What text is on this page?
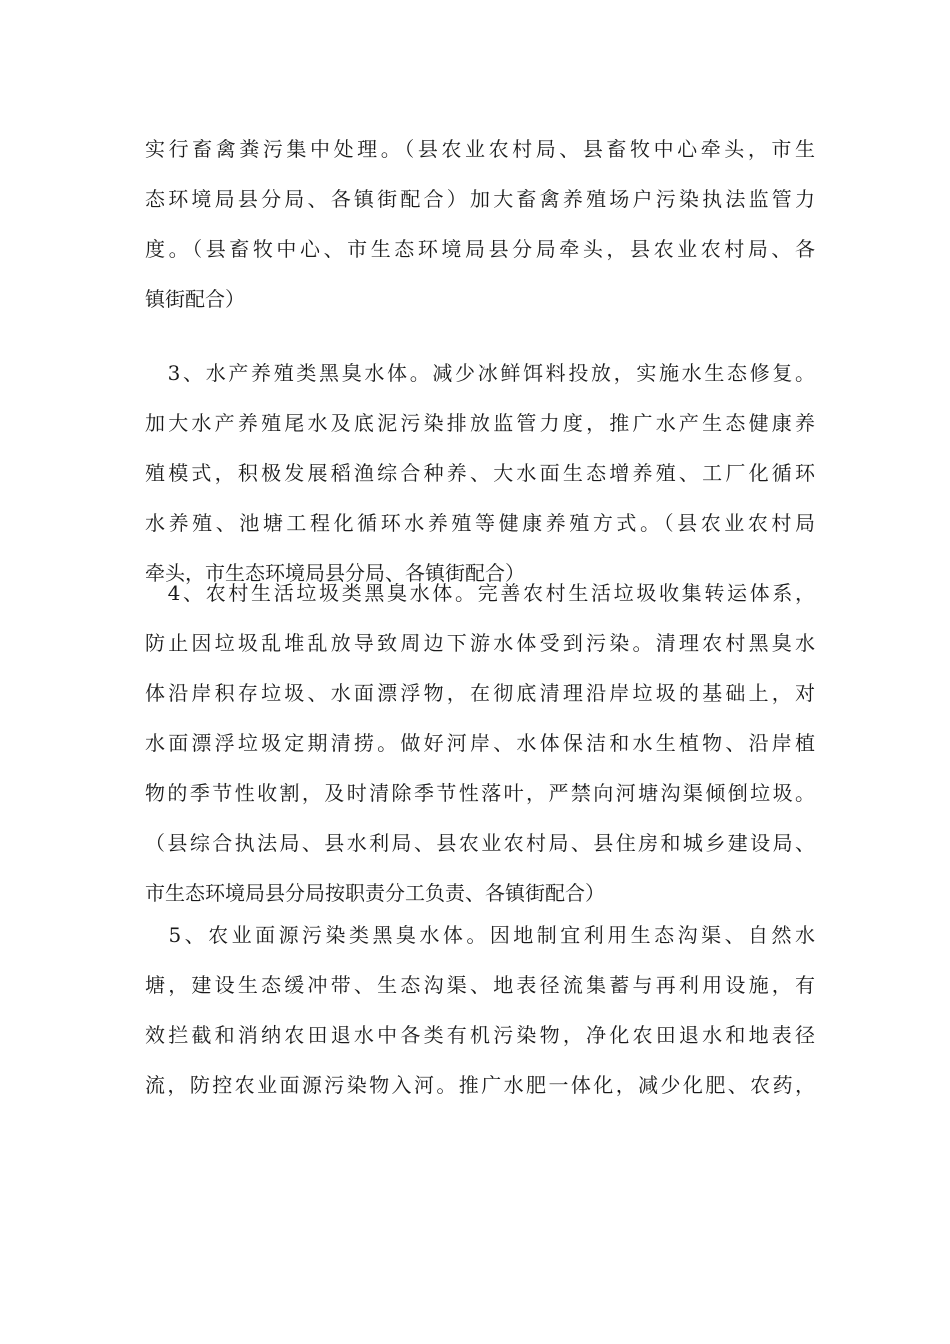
实行畜禽粪污集中处理。（县农业农村局、县畜牧中心牵头，市生
态环境局县分局、各镇街配合）加大畜禽养殖场户污染执法监管力
度。（县畜牧中心、市生态环境局县分局牵头，县农业农村局、各
镇街配合）
　3、水产养殖类黑臭水体。减少冰鲜饵料投放，实施水生态修复。
加大水产养殖尾水及底泥污染排放监管力度，推广水产生态健康养
殖模式，积极发展稻渔综合种养、大水面生态增养殖、工厂化循环
水养殖、池塘工程化循环水养殖等健康养殖方式。（县农业农村局
牵头，市生态环境局县分局、各镇街配合）
　4、农村生活垃圾类黑臭水体。完善农村生活垃圾收集转运体系，
防止因垃圾乱堆乱放导致周边下游水体受到污染。清理农村黑臭水
体沿岸积存垃圾、水面漂浮物，在彻底清理沿岸垃圾的基础上，对
水面漂浮垃圾定期清捞。做好河岸、水体保洁和水生植物、沿岸植
物的季节性收割，及时清除季节性落叶，严禁向河塘沟渠倾倒垃圾。
（县综合执法局、县水利局、县农业农村局、县住房和城乡建设局、
市生态环境局县分局按职责分工负责、各镇街配合）
　5、农业面源污染类黑臭水体。因地制宜利用生态沟渠、自然水
塘，建设生态缓冲带、生态沟渠、地表径流集蓄与再利用设施，有
效拦截和消纳农田退水中各类有机污染物，净化农田退水和地表径
流，防控农业面源污染物入河。推广水肥一体化，减少化肥、农药，
